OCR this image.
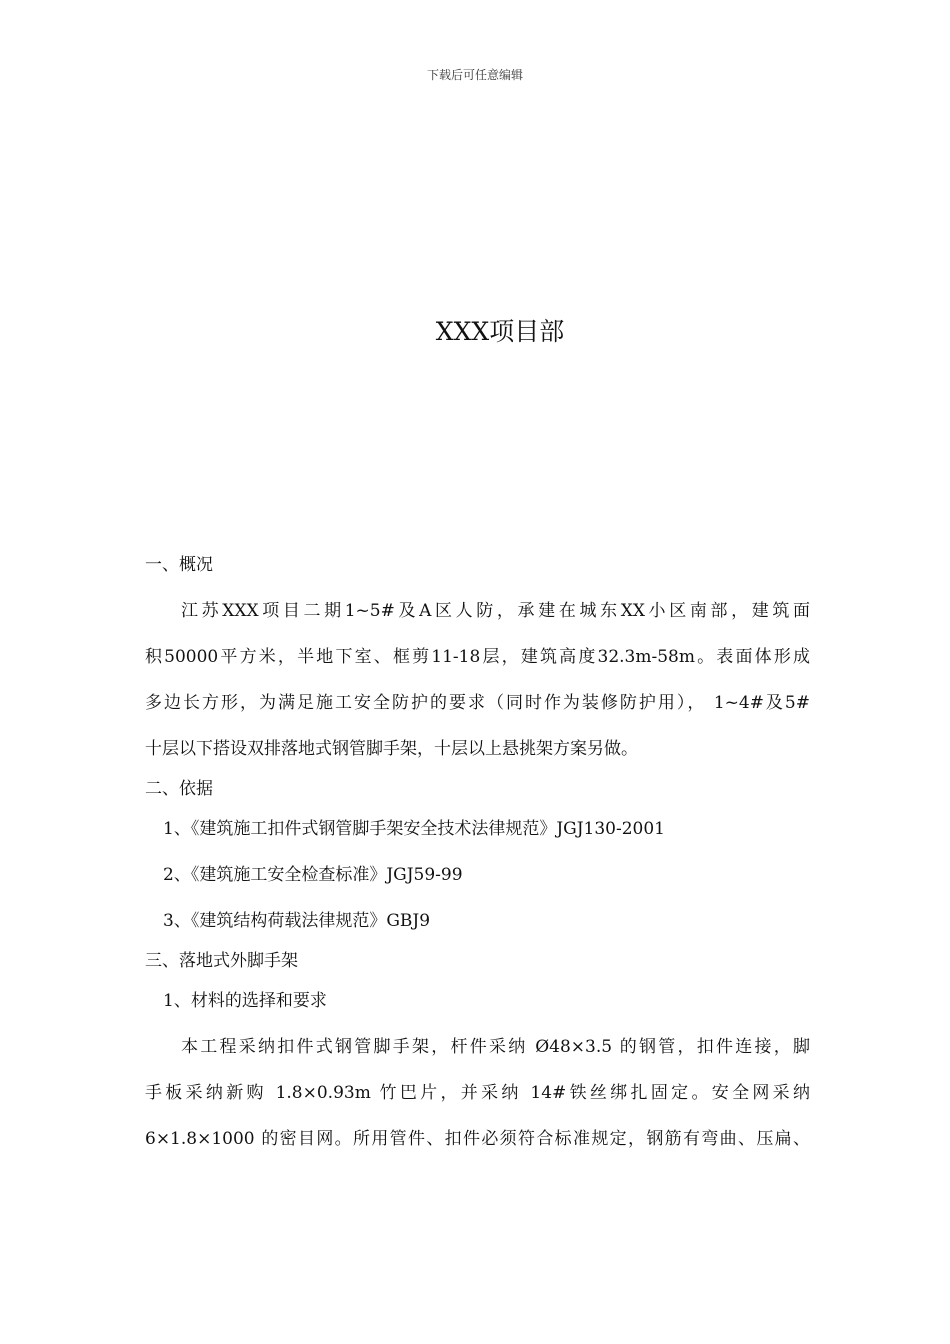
下载后可任意编辑
XXX项目部
一、概况
江苏XXX项目二期1~5#及A区人防，承建在城东XX小区南部，建筑面
积50000平方米，半地下室、框剪11-18层，建筑高度32.3m-58m。表面体形成
多边长方形，为满足施工安全防护的要求（同时作为装修防护用）， 1~4#及5#
十层以下搭设双排落地式钢管脚手架，十层以上悬挑架方案另做。
二、依据
1、《建筑施工扣件式钢管脚手架安全技术法律规范》JGJ130-2001
2、《建筑施工安全检查标准》JGJ59-99
3、《建筑结构荷载法律规范》GBJ9
三、落地式外脚手架
1、材料的选择和要求
本工程采纳扣件式钢管脚手架，杆件采纳 Ø48×3.5 的钢管，扣件连接，脚
手板采纳新购 1.8×0.93m 竹巴片，并采纳 14#铁丝绑扎固定。安全网采纳
6×1.8×1000 的密目网。所用管件、扣件必须符合标准规定，钢筋有弯曲、压扁、
